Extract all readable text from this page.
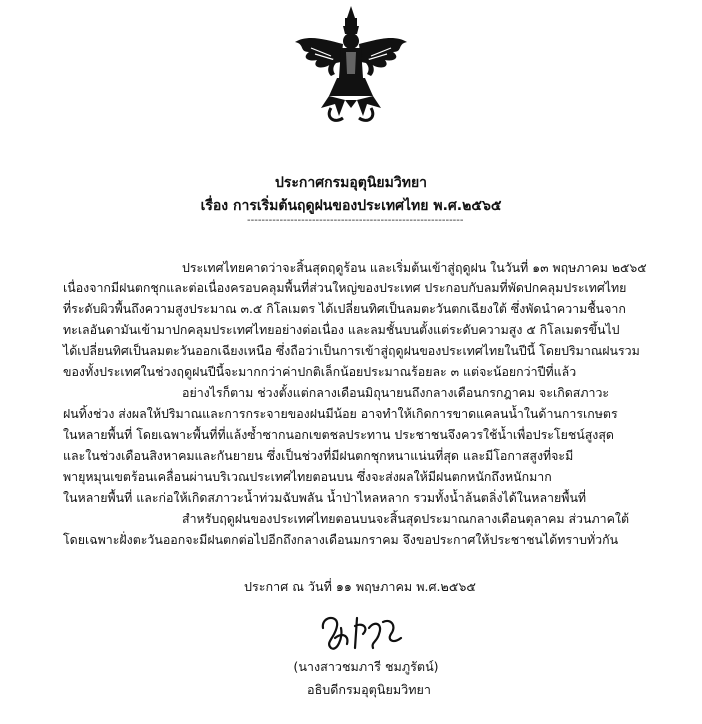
ประกาศกรมอุตุนิยมวิทยา
เรื่อง การเริ่มต้นฤดูฝนของประเทศไทย พ.ศ.๒๕๖๕
------------------------------------------------------------
ประเทศไทยคาดว่าจะสิ้นสุดฤดูร้อน และเริ่มต้นเข้าสู่ฤดูฝน ในวันที่ ๑๓ พฤษภาคม ๒๕๖๕
เนื่องจากมีฝนตกชุกและต่อเนื่องครอบคลุมพื้นที่ส่วนใหญ่ของประเทศ ประกอบกับลมที่พัดปกคลุมประเทศไทย
ที่ระดับผิวพื้นถึงความสูงประมาณ ๓.๕ กิโลเมตร ได้เปลี่ยนทิศเป็นลมตะวันตกเฉียงใต้ ซึ่งพัดนำความชื้นจาก
ทะเลอันดามันเข้ามาปกคลุมประเทศไทยอย่างต่อเนื่อง และลมชั้นบนตั้งแต่ระดับความสูง ๕ กิโลเมตรขึ้นไป
ได้เปลี่ยนทิศเป็นลมตะวันออกเฉียงเหนือ ซึ่งถือว่าเป็นการเข้าสู่ฤดูฝนของประเทศไทยในปีนี้ โดยปริมาณฝนรวม
ของทั้งประเทศในช่วงฤดูฝนปีนี้จะมากกว่าค่าปกติเล็กน้อยประมาณร้อยละ ๓ แต่จะน้อยกว่าปีที่แล้ว
อย่างไรก็ตาม ช่วงตั้งแต่กลางเดือนมิถุนายนถึงกลางเดือนกรกฎาคม จะเกิดสภาวะ
ฝนทิ้งช่วง ส่งผลให้ปริมาณและการกระจายของฝนมีน้อย อาจทำให้เกิดการขาดแคลนน้ำในด้านการเกษตร
ในหลายพื้นที่ โดยเฉพาะพื้นที่ที่แล้งซ้ำซากนอกเขตชลประทาน ประชาชนจึงควรใช้น้ำเพื่อประโยชน์สูงสุด
และในช่วงเดือนสิงหาคมและกันยายน ซึ่งเป็นช่วงที่มีฝนตกชุกหนาแน่นที่สุด และมีโอกาสสูงที่จะมี
พายุหมุนเขตร้อนเคลื่อนผ่านบริเวณประเทศไทยตอนบน ซึ่งจะส่งผลให้มีฝนตกหนักถึงหนักมาก
ในหลายพื้นที่ และก่อให้เกิดสภาวะน้ำท่วมฉับพลัน น้ำป่าไหลหลาก รวมทั้งน้ำล้นตลิ่งได้ในหลายพื้นที่
สำหรับฤดูฝนของประเทศไทยตอนบนจะสิ้นสุดประมาณกลางเดือนตุลาคม ส่วนภาคใต้
โดยเฉพาะฝั่งตะวันออกจะมีฝนตกต่อไปอีกถึงกลางเดือนมกราคม จึงขอประกาศให้ประชาชนได้ทราบทั่วกัน
ประกาศ ณ วันที่ ๑๑ พฤษภาคม พ.ศ.๒๕๖๕
(นางสาวชมภารี ชมภูรัตน์)
อธิบดีกรมอุตุนิยมวิทยา
